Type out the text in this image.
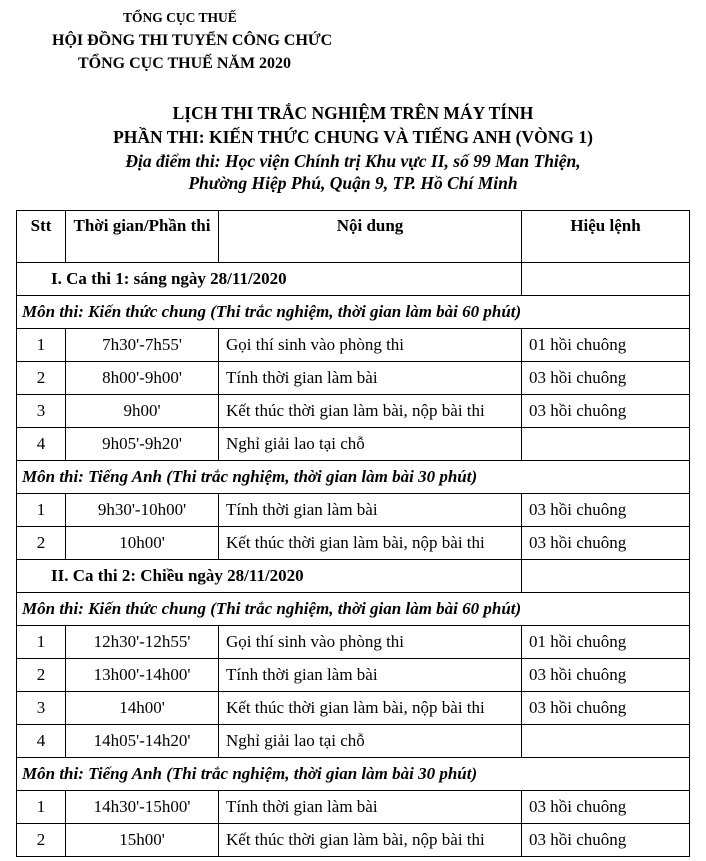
TỔNG CỤC THUẾ
HỘI ĐỒNG THI TUYỂN CÔNG CHỨC
TỔNG CỤC THUẾ NĂM 2020
LỊCH THI TRẮC NGHIỆM TRÊN MÁY TÍNH
PHẦN THI: KIẾN THỨC CHUNG VÀ TIẾNG ANH (VÒNG 1)
Địa điểm thi: Học viện Chính trị Khu vực II, số 99 Man Thiện,
Phường Hiệp Phú, Quận 9, TP. Hồ Chí Minh
Stt	Thời gian/Phần thi	Nội dung	Hiệu lệnh
I. Ca thi 1: sáng ngày 28/11/2020			
Môn thi: Kiến thức chung (Thi trắc nghiệm, thời gian làm bài 60 phút)			
1	7h30'-7h55'	Gọi thí sinh vào phòng thi	01 hồi chuông
2	8h00'-9h00'	Tính thời gian làm bài	03 hồi chuông
3	9h00'	Kết thúc thời gian làm bài, nộp bài thi	03 hồi chuông
4	9h05'-9h20'	Nghỉ giải lao tại chỗ	
Môn thi: Tiếng Anh (Thi trắc nghiệm, thời gian làm bài 30 phút)			
1	9h30'-10h00'	Tính thời gian làm bài	03 hồi chuông
2	10h00'	Kết thúc thời gian làm bài, nộp bài thi	03 hồi chuông
II. Ca thi 2: Chiều ngày 28/11/2020			
Môn thi: Kiến thức chung (Thi trắc nghiệm, thời gian làm bài 60 phút)			
1	12h30'-12h55'	Gọi thí sinh vào phòng thi	01 hồi chuông
2	13h00'-14h00'	Tính thời gian làm bài	03 hồi chuông
3	14h00'	Kết thúc thời gian làm bài, nộp bài thi	03 hồi chuông
4	14h05'-14h20'	Nghỉ giải lao tại chỗ	
Môn thi: Tiếng Anh (Thi trắc nghiệm, thời gian làm bài 30 phút)			
1	14h30'-15h00'	Tính thời gian làm bài	03 hồi chuông
2	15h00'	Kết thúc thời gian làm bài, nộp bài thi	03 hồi chuông
